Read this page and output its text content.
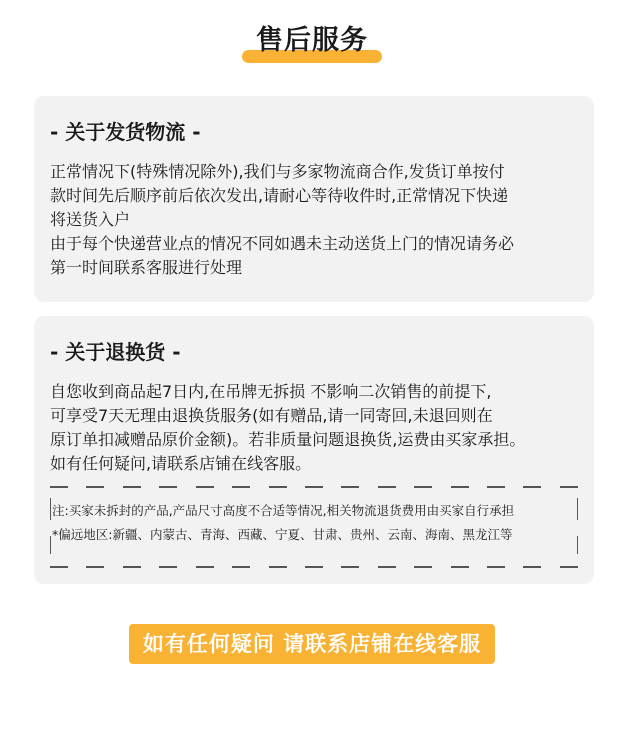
售后服务
- 关于发货物流 -

正常情况下(特殊情况除外),我们与多家物流商合作,发货订单按付

款时间先后顺序前后依次发出,请耐心等待收件时,正常情况下快递

将送货入户

由于每个快递营业点的情况不同如遇未主动送货上门的情况请务必

第一时间联系客服进行处理

- 关于退换货 -

自您收到商品起7日内,在吊牌无拆损 不影响二次销售的前提下,

可享受7天无理由退换货服务(如有赠品,请一同寄回,未退回则在

原订单扣减赠品原价金额)。若非质量问题退换货,运费由买家承担。

如有任何疑问,请联系店铺在线客服。

注:买家未拆封的产品,产品尺寸高度不合适等情况,相关物流退货费用由买家自行承担
*偏远地区:新疆、内蒙古、青海、西藏、宁夏、甘肃、贵州、云南、海南、黑龙江等
如有任何疑问 请联系店铺在线客服
